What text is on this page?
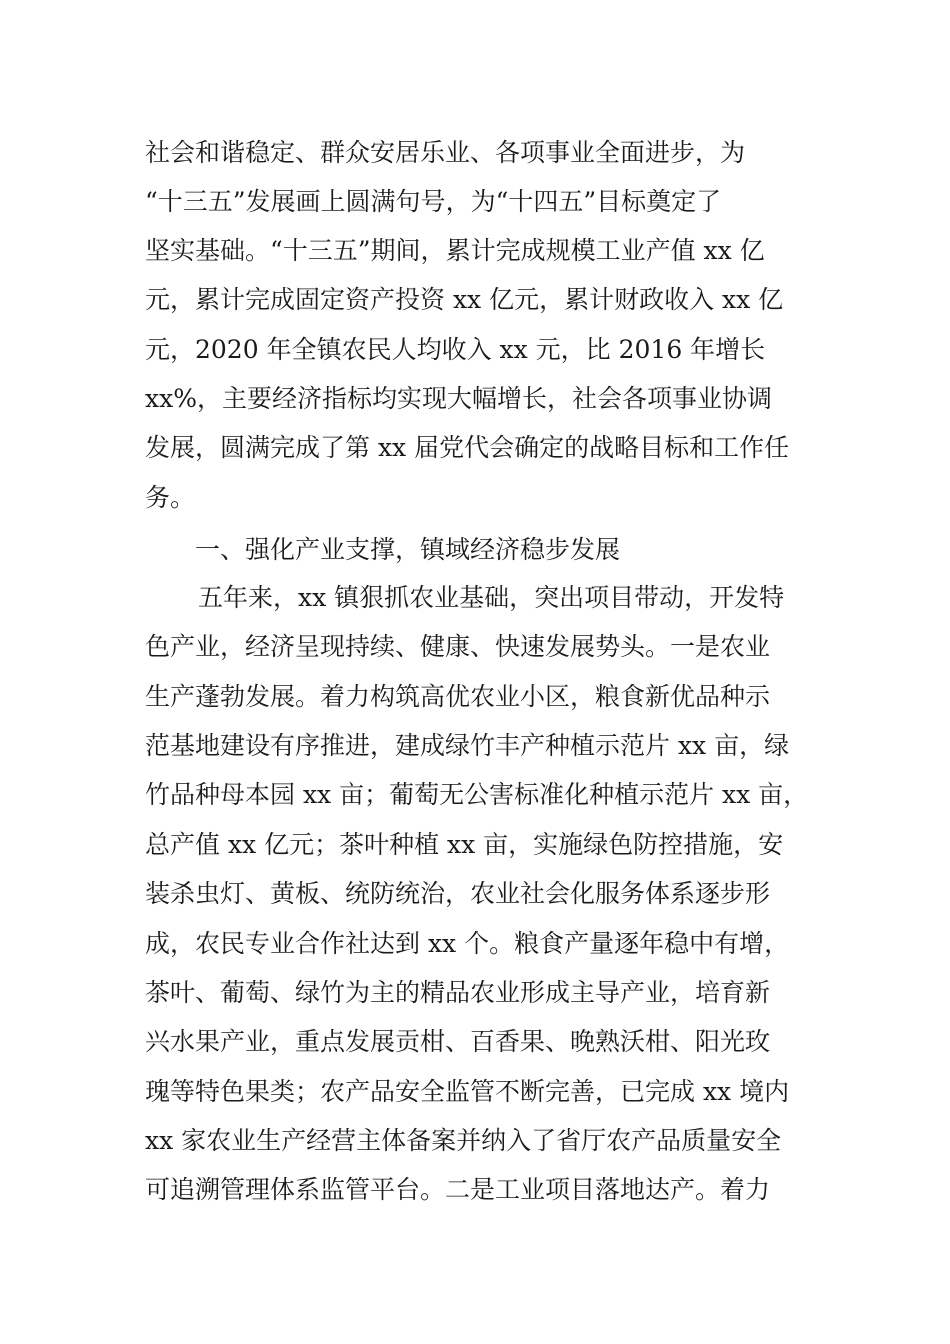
社会和谐稳定、群众安居乐业、各项事业全面进步，为
“十三五”发展画上圆满句号，为“十四五”目标奠定了
坚实基础。“十三五”期间，累计完成规模工业产值 xx 亿
元，累计完成固定资产投资 xx 亿元，累计财政收入 xx 亿
元，2020 年全镇农民人均收入 xx 元，比 2016 年增长
xx%，主要经济指标均实现大幅增长，社会各项事业协调
发展，圆满完成了第 xx 届党代会确定的战略目标和工作任
务。
一、强化产业支撑，镇域经济稳步发展
五年来，xx 镇狠抓农业基础，突出项目带动，开发特
色产业，经济呈现持续、健康、快速发展势头。一是农业
生产蓬勃发展。着力构筑高优农业小区，粮食新优品种示
范基地建设有序推进，建成绿竹丰产种植示范片 xx 亩，绿
竹品种母本园 xx 亩；葡萄无公害标准化种植示范片 xx 亩，
总产值 xx 亿元；茶叶种植 xx 亩，实施绿色防控措施，安
装杀虫灯、黄板、统防统治，农业社会化服务体系逐步形
成，农民专业合作社达到 xx 个。粮食产量逐年稳中有增，
茶叶、葡萄、绿竹为主的精品农业形成主导产业，培育新
兴水果产业，重点发展贡柑、百香果、晚熟沃柑、阳光玫
瑰等特色果类；农产品安全监管不断完善，已完成 xx 境内
xx 家农业生产经营主体备案并纳入了省厅农产品质量安全
可追溯管理体系监管平台。二是工业项目落地达产。着力
